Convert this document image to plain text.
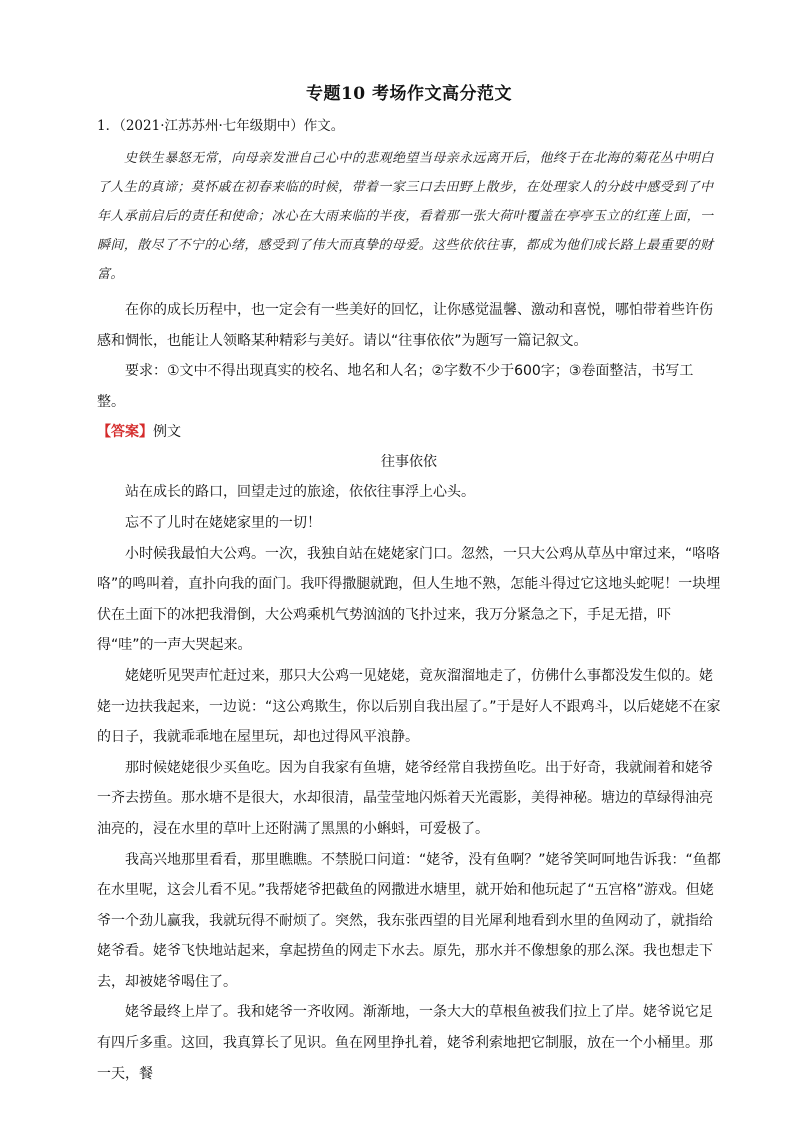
专题10 考场作文高分范文

1．（2021·江苏苏州·七年级期中）作文。

史铁生暴怒无常，向母亲发泄自己心中的悲观绝望当母亲永远离开后，他终于在北海的菊花丛中明白了人生的真谛；莫怀戚在初春来临的时候，带着一家三口去田野上散步，在处理家人的分歧中感受到了中年人承前启后的责任和使命；冰心在大雨来临的半夜，看着那一张大荷叶覆盖在亭亭玉立的红莲上面，一瞬间，散尽了不宁的心绪，感受到了伟大而真挚的母爱。这些依依往事，都成为他们成长路上最重要的财富。

在你的成长历程中，也一定会有一些美好的回忆，让你感觉温馨、激动和喜悦，哪怕带着些许伤感和惆怅，也能让人领略某种精彩与美好。请以“往事依依”为题写一篇记叙文。

要求：①文中不得出现真实的校名、地名和人名；②字数不少于600字；③卷面整洁，书写工整。

【答案】例文

往事依依

站在成长的路口，回望走过的旅途，依依往事浮上心头。

忘不了儿时在姥姥家里的一切！

小时候我最怕大公鸡。一次，我独自站在姥姥家门口。忽然，一只大公鸡从草丛中窜过来，“咯咯咯”的鸣叫着，直扑向我的面门。我吓得撒腿就跑，但人生地不熟，怎能斗得过它这地头蛇呢！一块埋伏在土面下的冰把我滑倒，大公鸡乘机气势汹汹的飞扑过来，我万分紧急之下，手足无措，吓得“哇”的一声大哭起来。

姥姥听见哭声忙赶过来，那只大公鸡一见姥姥，竟灰溜溜地走了，仿佛什么事都没发生似的。姥姥一边扶我起来，一边说：“这公鸡欺生，你以后别自我出屋了。”于是好人不跟鸡斗，以后姥姥不在家的日子，我就乖乖地在屋里玩，却也过得风平浪静。

那时候姥姥很少买鱼吃。因为自我家有鱼塘，姥爷经常自我捞鱼吃。出于好奇，我就闹着和姥爷一齐去捞鱼。那水塘不是很大，水却很清，晶莹莹地闪烁着天光霞影，美得神秘。塘边的草绿得油亮油亮的，浸在水里的草叶上还附满了黑黑的小蝌蚪，可爱极了。

我高兴地那里看看，那里瞧瞧。不禁脱口问道：“姥爷，没有鱼啊？”姥爷笑呵呵地告诉我：“鱼都在水里呢，这会儿看不见。”我帮姥爷把截鱼的网撒进水塘里，就开始和他玩起了“五宫格”游戏。但姥爷一个劲儿赢我，我就玩得不耐烦了。突然，我东张西望的目光犀利地看到水里的鱼网动了，就指给姥爷看。姥爷飞快地站起来，拿起捞鱼的网走下水去。原先，那水并不像想象的那么深。我也想走下去，却被姥爷喝住了。

姥爷最终上岸了。我和姥爷一齐收网。渐渐地，一条大大的草根鱼被我们拉上了岸。姥爷说它足有四斤多重。这回，我真算长了见识。鱼在网里挣扎着，姥爷利索地把它制服，放在一个小桶里。那一天，餐
